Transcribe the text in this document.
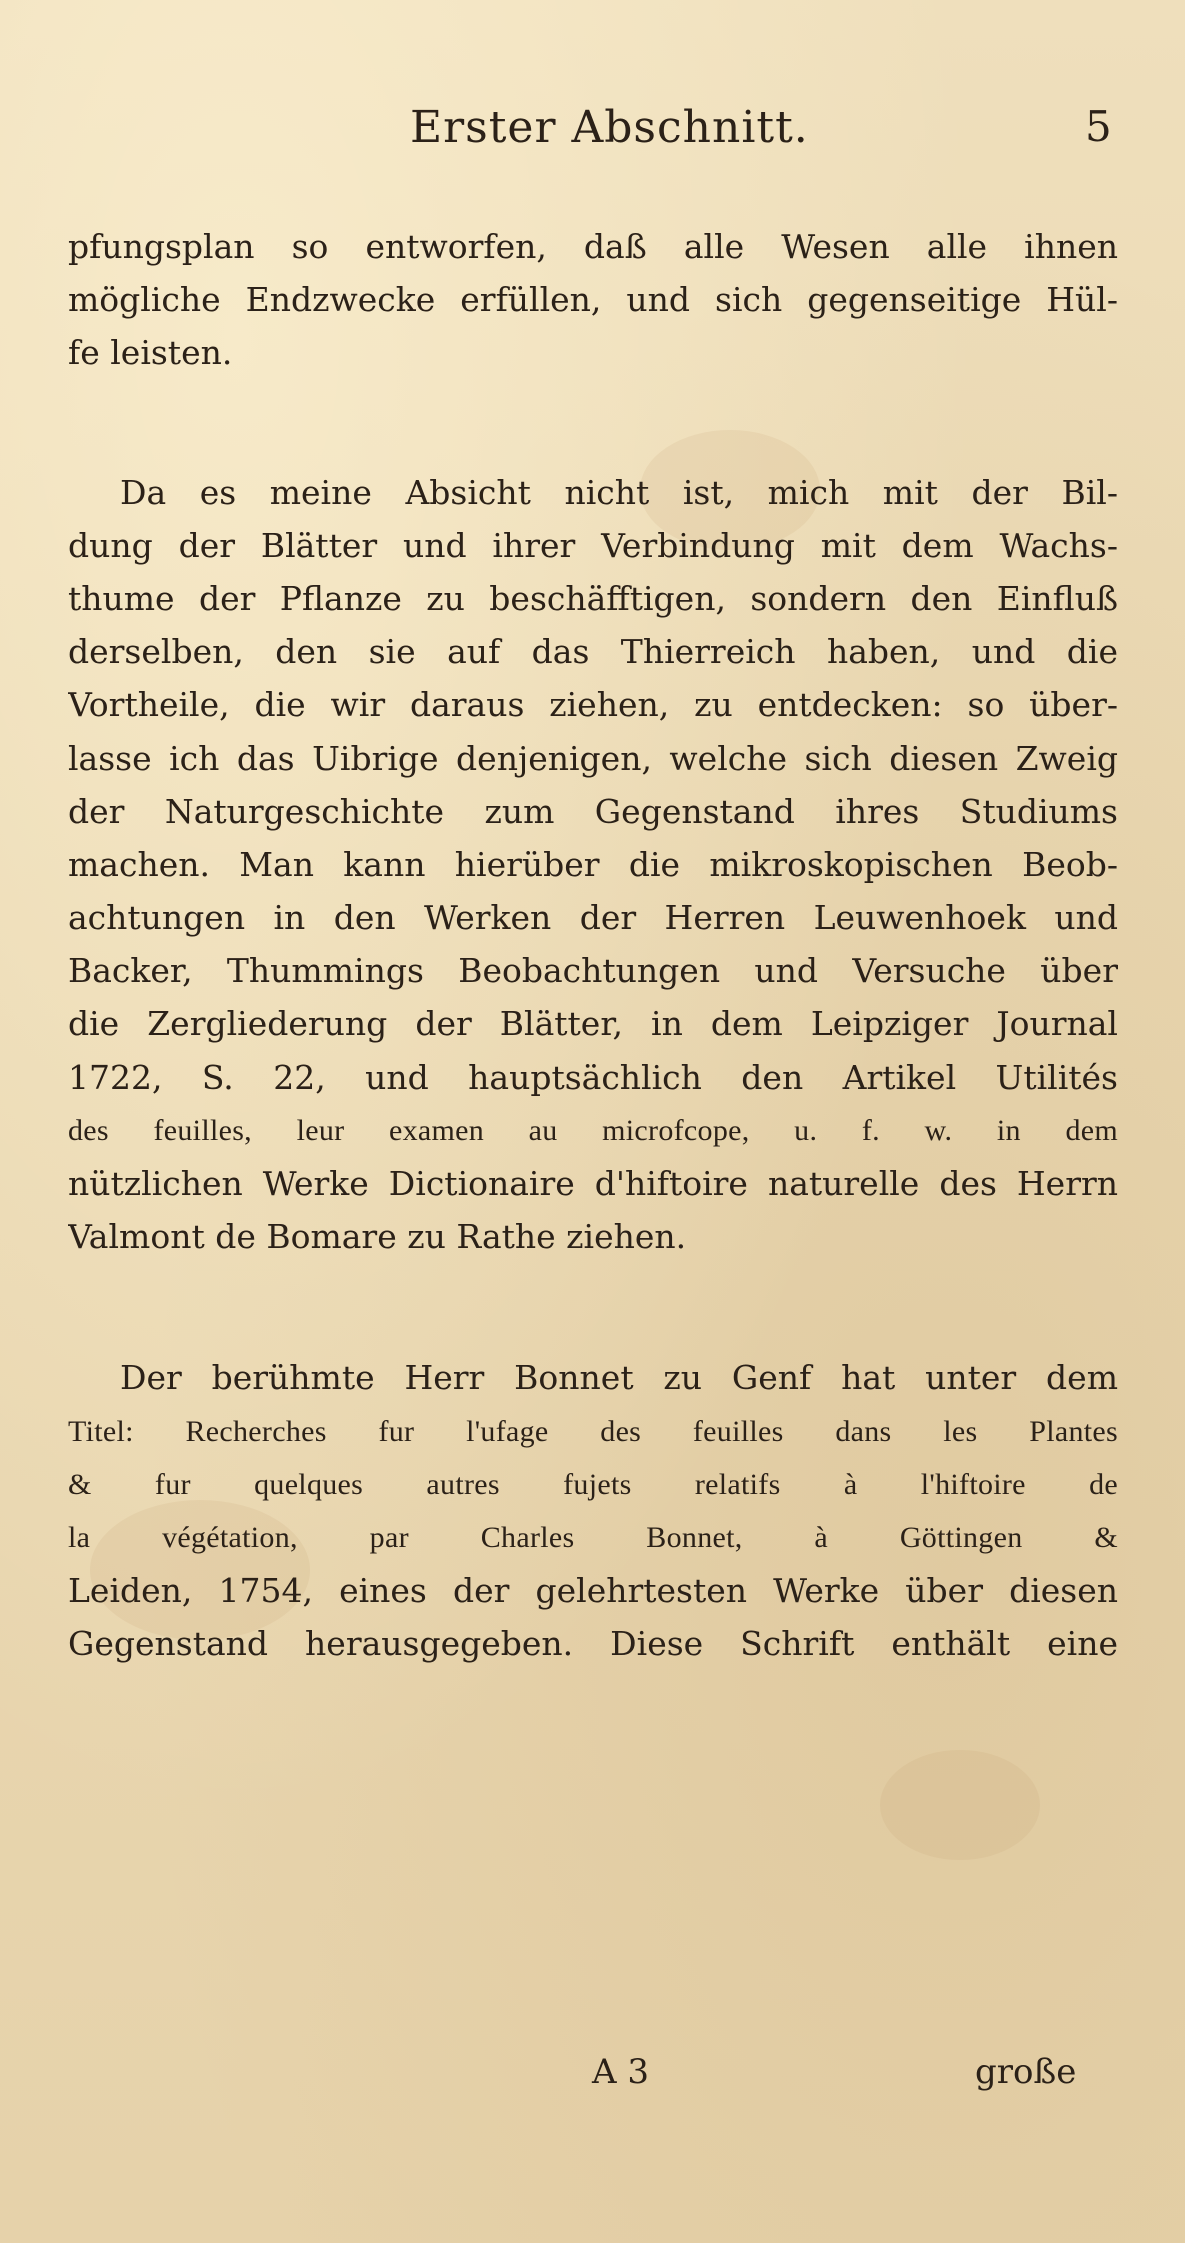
Erster Abschnitt.	5
pfungsplan so entworfen, daß alle Wesen alle ihnen
mögliche Endzwecke erfüllen, und sich gegenseitige Hül-
fe leisten.
Da es meine Absicht nicht ist, mich mit der Bil-
dung der Blätter und ihrer Verbindung mit dem Wachs-
thume der Pflanze zu beschäfftigen, sondern den Einfluß
derselben, den sie auf das Thierreich haben, und die
Vortheile, die wir daraus ziehen, zu entdecken: so über-
lasse ich das Uibrige denjenigen, welche sich diesen Zweig
der Naturgeschichte zum Gegenstand ihres Studiums
machen. Man kann hierüber die mikroskopischen Beob-
achtungen in den Werken der Herren Leuwenhoek und
Backer, Thummings Beobachtungen und Versuche über
die Zergliederung der Blätter, in dem Leipziger Journal
1722, S. 22, und hauptsächlich den Artikel Utilités
des feuilles, leur examen au microfcope, u. f. w. in dem
nützlichen Werke Dictionaire d'hiftoire naturelle des Herrn
Valmont de Bomare zu Rathe ziehen.
Der berühmte Herr Bonnet zu Genf hat unter dem
Titel: Recherches fur l'ufage des feuilles dans les Plantes
& fur quelques autres fujets relatifs à l'hiftoire de
la végétation, par Charles Bonnet, à Göttingen &
Leiden, 1754, eines der gelehrtesten Werke über diesen
Gegenstand herausgegeben. Diese Schrift enthält eine
A 3	große
